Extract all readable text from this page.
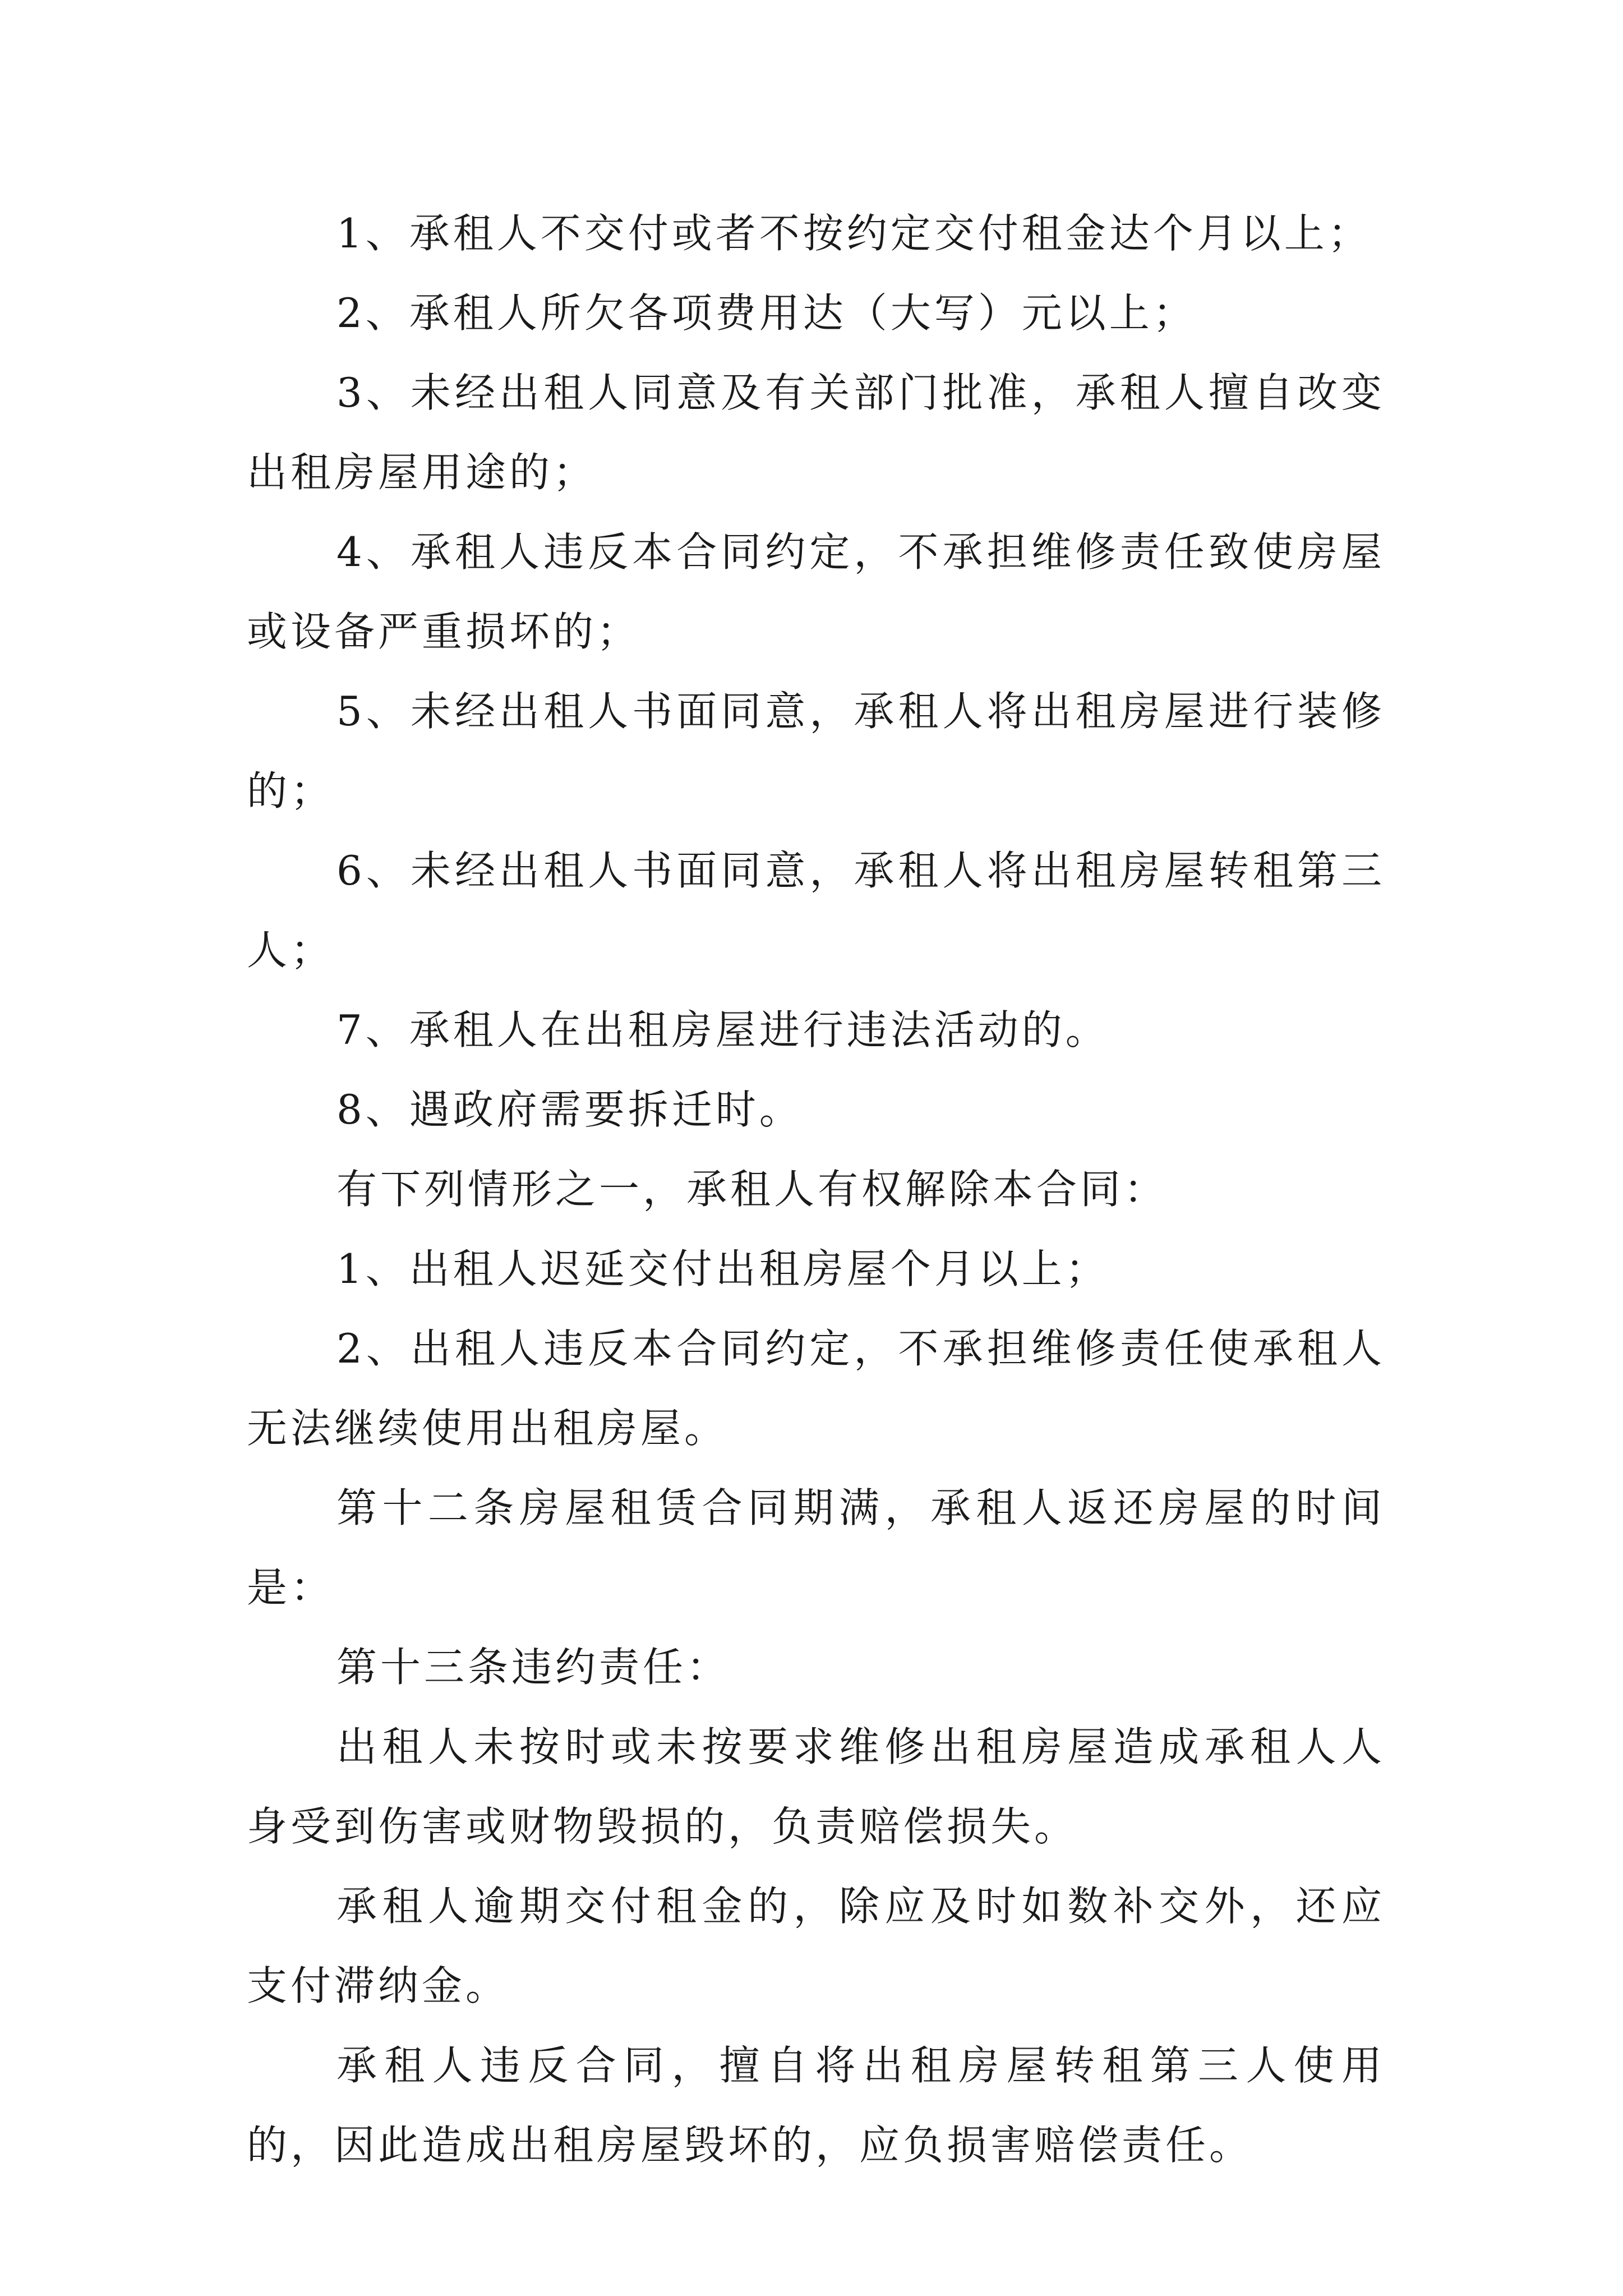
1、承租人不交付或者不按约定交付租金达个月以上；

2、承租人所欠各项费用达（大写）元以上；

3、未经出租人同意及有关部门批准，承租人擅自改变出租房屋用途的；

4、承租人违反本合同约定，不承担维修责任致使房屋或设备严重损坏的；

5、未经出租人书面同意，承租人将出租房屋进行装修的；

6、未经出租人书面同意，承租人将出租房屋转租第三人；

7、承租人在出租房屋进行违法活动的。

8、遇政府需要拆迁时。

有下列情形之一，承租人有权解除本合同：

1、出租人迟延交付出租房屋个月以上；

2、出租人违反本合同约定，不承担维修责任使承租人无法继续使用出租房屋。

第十二条房屋租赁合同期满，承租人返还房屋的时间是：

第十三条违约责任：

出租人未按时或未按要求维修出租房屋造成承租人人身受到伤害或财物毁损的，负责赔偿损失。

承租人逾期交付租金的，除应及时如数补交外，还应支付滞纳金。

承租人违反合同，擅自将出租房屋转租第三人使用的，因此造成出租房屋毁坏的，应负损害赔偿责任。
